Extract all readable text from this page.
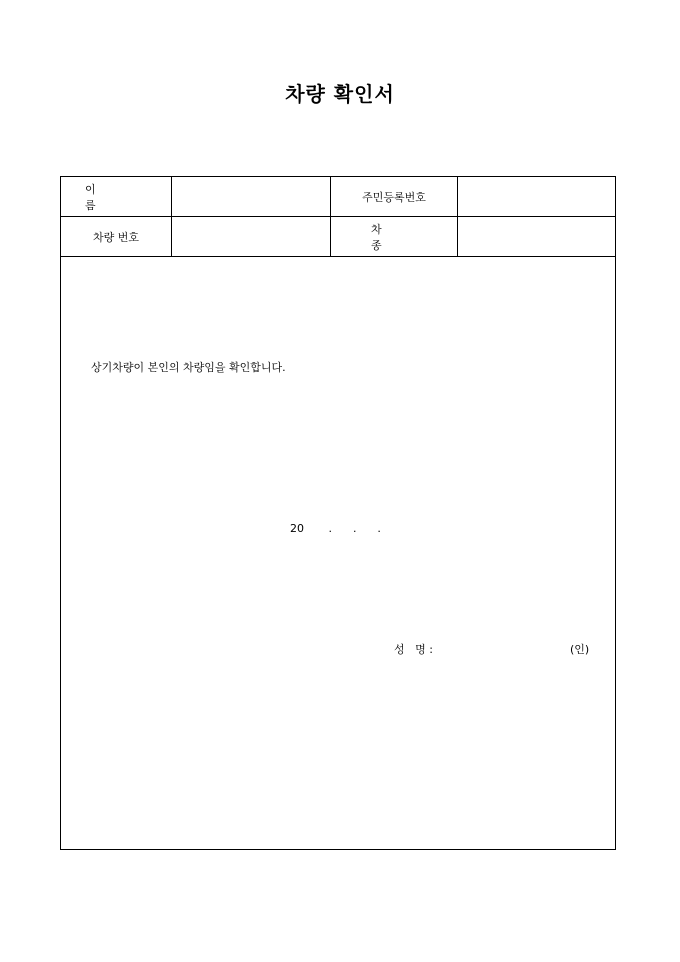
차량 확인서
이 름
주민등록번호
차량 번호
차 종
상기차량이 본인의 차량임을 확인합니다.
20       .      .      .
성   명 :	(인)
